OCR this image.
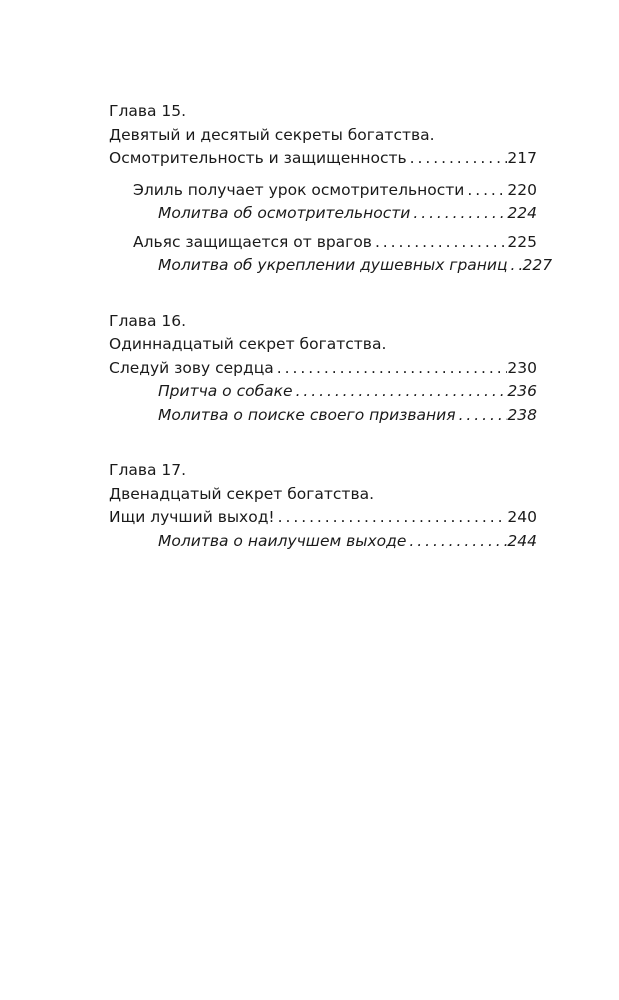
Глава 15.
Девятый и десятый секреты богатства.
Осмотрительность и защищенность . . .	217
Элиль получает урок осмотрительности . . .	220
Молитва об осмотрительности . . .	224
Альяс защищается от врагов . . .	225
Молитва об укреплении душевных границ . . . 227
Глава 16.
Одиннадцатый секрет богатства.
Следуй зову сердца . . .	230
Притча о собаке . . .	236
Молитва о поиске своего призвания . . .	238
Глава 17.
Двенадцатый секрет богатства.
Ищи лучший выход! . . .	240
Молитва о наилучшем выходе . . .	244
